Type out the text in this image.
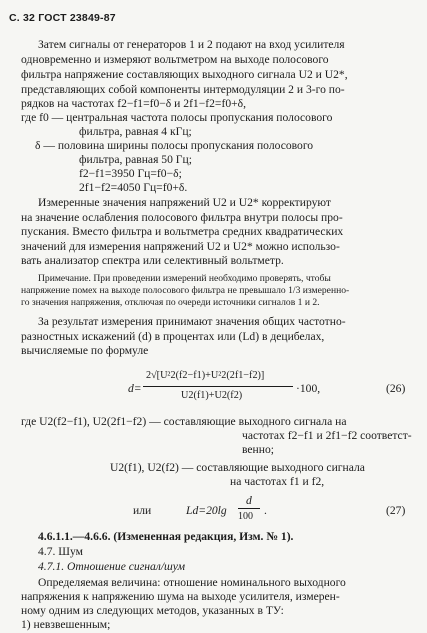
С. 32 ГОСТ 23849-87
Затем сигналы от генераторов 1 и 2 подают на вход усилителя
одновременно и измеряют вольтметром на выходе полосового
фильтра напряжение составляющих выходного сигнала U2 и U2*,
представляющих собой компоненты интермодуляции 2 и 3-го по-
рядков на частотах f2−f1=f0−δ и 2f1−f2=f0+δ,
где f0 — центральная частота полосы пропускания полосового
фильтра, равная 4 кГц;
δ — половина ширины полосы пропускания полосового
фильтра, равная 50 Гц;
f2−f1=3950 Гц=f0−δ;
2f1−f2=4050 Гц=f0+δ.
Измеренные значения напряжений U2 и U2* корректируют
на значение ослабления полосового фильтра внутри полосы про-
пускания. Вместо фильтра и вольтметра средних квадратических
значений для измерения напряжений U2 и U2* можно использо-
вать анализатор спектра или селективный вольтметр.
Примечание. При проведении измерений необходимо проверять, чтобы
напряжение помех на выходе полосового фильтра не превышало 1/3 измеренно-
го значения напряжения, отключая по очереди источники сигналов 1 и 2.
За результат измерения принимают значения общих частотно-
разностных искажений (d) в процентах или (Ld) в децибелах,
вычисляемые по формуле
d=
2√[U²2(f2−f1)+U²2(2f1−f2)]
U2(f1)+U2(f2)
·100,	(26)
где U2(f2−f1), U2(2f1−f2) — составляющие выходного сигнала на
частотах f2−f1 и 2f1−f2 соответст-
венно;
U2(f1), U2(f2) — составляющие выходного сигнала
на частотах f1 и f2,
или	Ld=20lg
d
100 .	(27)
4.6.1.1.—4.6.6. (Измененная редакция, Изм. № 1).
4.7. Шум
4.7.1. Отношение сигнал/шум
Определяемая величина: отношение номинального выходного
напряжения к напряжению шума на выходе усилителя, измерен-
ному одним из следующих методов, указанных в ТУ:
1) невзвешенным;
